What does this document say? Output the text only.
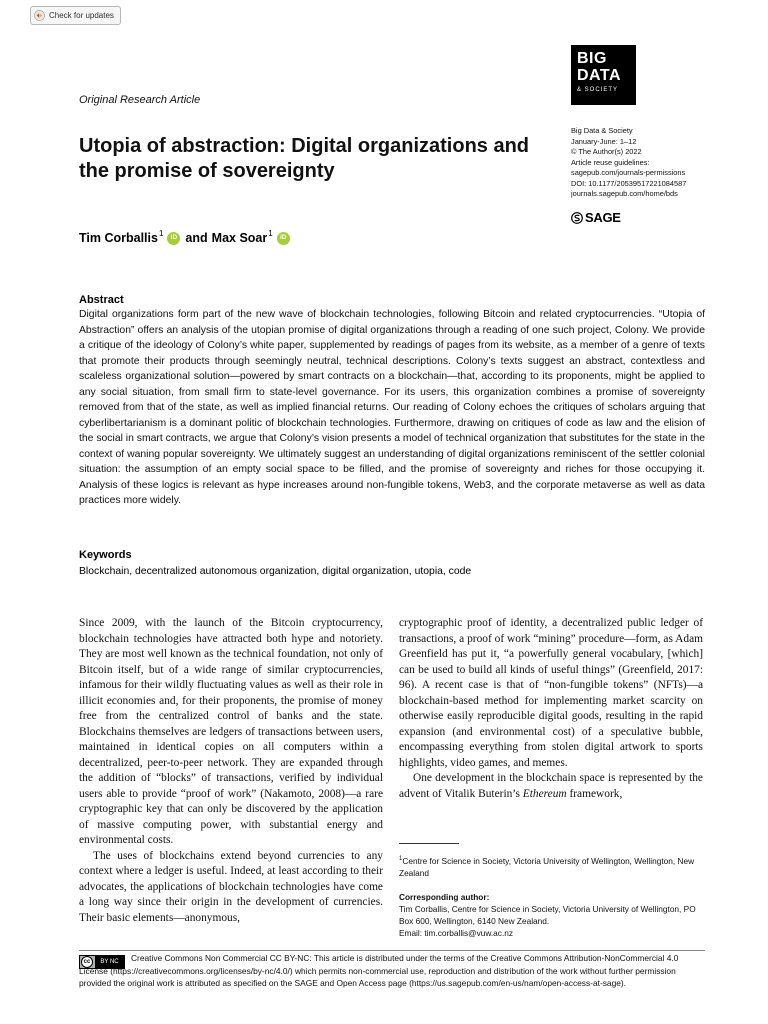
Check for updates
BIG
DATA
& SOCIETY
Original Research Article
Utopia of abstraction: Digital organizations and the promise of sovereignty
Big Data & Society
January-June: 1–12
© The Author(s) 2022
Article reuse guidelines:
sagepub.com/journals-permissions
DOI: 10.1177/20539517221084587
journals.sagepub.com/home/bds
SAGE
Tim Corballis$^1$
iD and Max Soar$^1$
iD
Abstract
Digital organizations form part of the new wave of blockchain technologies, following Bitcoin and related cryptocurrencies. “Utopia of Abstraction” offers an analysis of the utopian promise of digital organizations through a reading of one such project, Colony. We provide a critique of the ideology of Colony’s white paper, supplemented by readings of pages from its website, as a member of a genre of texts that promote their products through seemingly neutral, technical descriptions. Colony’s texts suggest an abstract, contextless and scaleless organizational solution—powered by smart contracts on a blockchain—that, according to its proponents, might be applied to any social situation, from small firm to state-level governance. For its users, this organization combines a promise of sovereignty removed from that of the state, as well as implied financial returns. Our reading of Colony echoes the critiques of scholars arguing that cyberlibertarianism is a dominant politic of blockchain technologies. Furthermore, drawing on critiques of code as law and the elision of the social in smart contracts, we argue that Colony’s vision presents a model of technical organization that substitutes for the state in the context of waning popular sovereignty. We ultimately suggest an understanding of digital organizations reminiscent of the settler colonial situation: the assumption of an empty social space to be filled, and the promise of sovereignty and riches for those occupying it. Analysis of these logics is relevant as hype increases around non-fungible tokens, Web3, and the corporate metaverse as well as data practices more widely.
Keywords
Blockchain, decentralized autonomous organization, digital organization, utopia, code

Since 2009, with the launch of the Bitcoin cryptocurrency, blockchain technologies have attracted both hype and notoriety. They are most well known as the technical foundation, not only of Bitcoin itself, but of a wide range of similar cryptocurrencies, infamous for their wildly fluctuating values as well as their role in illicit economies and, for their proponents, the promise of money free from the centralized control of banks and the state. Blockchains themselves are ledgers of transactions between users, maintained in identical copies on all computers within a decentralized, peer-to-peer network. They are expanded through the addition of “blocks” of transactions, verified by individual users able to provide “proof of work” (Nakamoto, 2008)—a rare cryptographic key that can only be discovered by the application of massive computing power, with substantial energy and environmental costs.

The uses of blockchains extend beyond currencies to any context where a ledger is useful. Indeed, at least according to their advocates, the applications of blockchain technologies have come a long way since their origin in the development of currencies. Their basic elements—anonymous,

cryptographic proof of identity, a decentralized public ledger of transactions, a proof of work “mining” procedure—form, as Adam Greenfield has put it, “a powerfully general vocabulary, [which] can be used to build all kinds of useful things” (Greenfield, 2017: 96). A recent case is that of “non-fungible tokens” (NFTs)—a blockchain-based method for implementing market scarcity on otherwise easily reproducible digital goods, resulting in the rapid expansion (and environmental cost) of a speculative bubble, encompassing everything from stolen digital artwork to sports highlights, video games, and memes.

One development in the blockchain space is represented by the advent of Vitalik Buterin’s Ethereum framework,

$^1$Centre for Science in Society, Victoria University of Wellington, Wellington, New Zealand
Corresponding author:
Tim Corballis, Centre for Science in Society, Victoria University of Wellington, PO Box 600, Wellington, 6140 New Zealand.
Email: tim.corballis@vuw.ac.nz
cc	BY NC	Creative Commons Non Commercial CC BY-NC: This article is distributed under the terms of the Creative Commons Attribution-NonCommercial 4.0 License (https://creativecommons.org/licenses/by-nc/4.0/) which permits non-commercial use, reproduction and distribution of the work without further permission provided the original work is attributed as specified on the SAGE and Open Access page (https://us.sagepub.com/en-us/nam/open-access-at-sage).
